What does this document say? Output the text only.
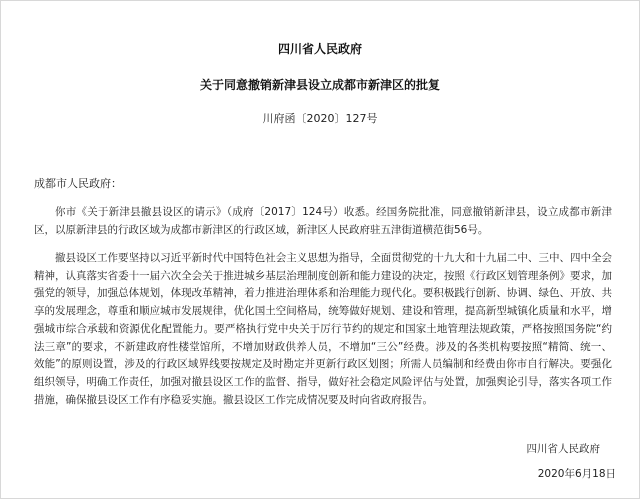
四川省人民政府
关于同意撤销新津县设立成都市新津区的批复
川府函〔2020〕127号
成都市人民政府：

你市《关于新津县撤县设区的请示》（成府〔2017〕124号）收悉。经国务院批准，同意撤销新津县，设立成都市新津区，以原新津县的行政区域为成都市新津区的行政区域，新津区人民政府驻五津街道横范街56号。

撤县设区工作要坚持以习近平新时代中国特色社会主义思想为指导，全面贯彻党的十九大和十九届二中、三中、四中全会精神，认真落实省委十一届六次全会关于推进城乡基层治理制度创新和能力建设的决定，按照《行政区划管理条例》要求，加强党的领导，加强总体规划，体现改革精神，着力推进治理体系和治理能力现代化。要积极践行创新、协调、绿色、开放、共享的发展理念，尊重和顺应城市发展规律，优化国土空间格局，统筹做好规划、建设和管理，提高新型城镇化质量和水平，增强城市综合承载和资源优化配置能力。要严格执行党中央关于厉行节约的规定和国家土地管理法规政策，严格按照国务院“约法三章”的要求，不新建政府性楼堂馆所，不增加财政供养人员，不增加“三公”经费。涉及的各类机构要按照“精简、统一、效能”的原则设置，涉及的行政区域界线要按规定及时勘定并更新行政区划图；所需人员编制和经费由你市自行解决。要强化组织领导，明确工作责任，加强对撤县设区工作的监督、指导，做好社会稳定风险评估与处置，加强舆论引导，落实各项工作措施，确保撤县设区工作有序稳妥实施。撤县设区工作完成情况要及时向省政府报告。

四川省人民政府
2020年6月18日
